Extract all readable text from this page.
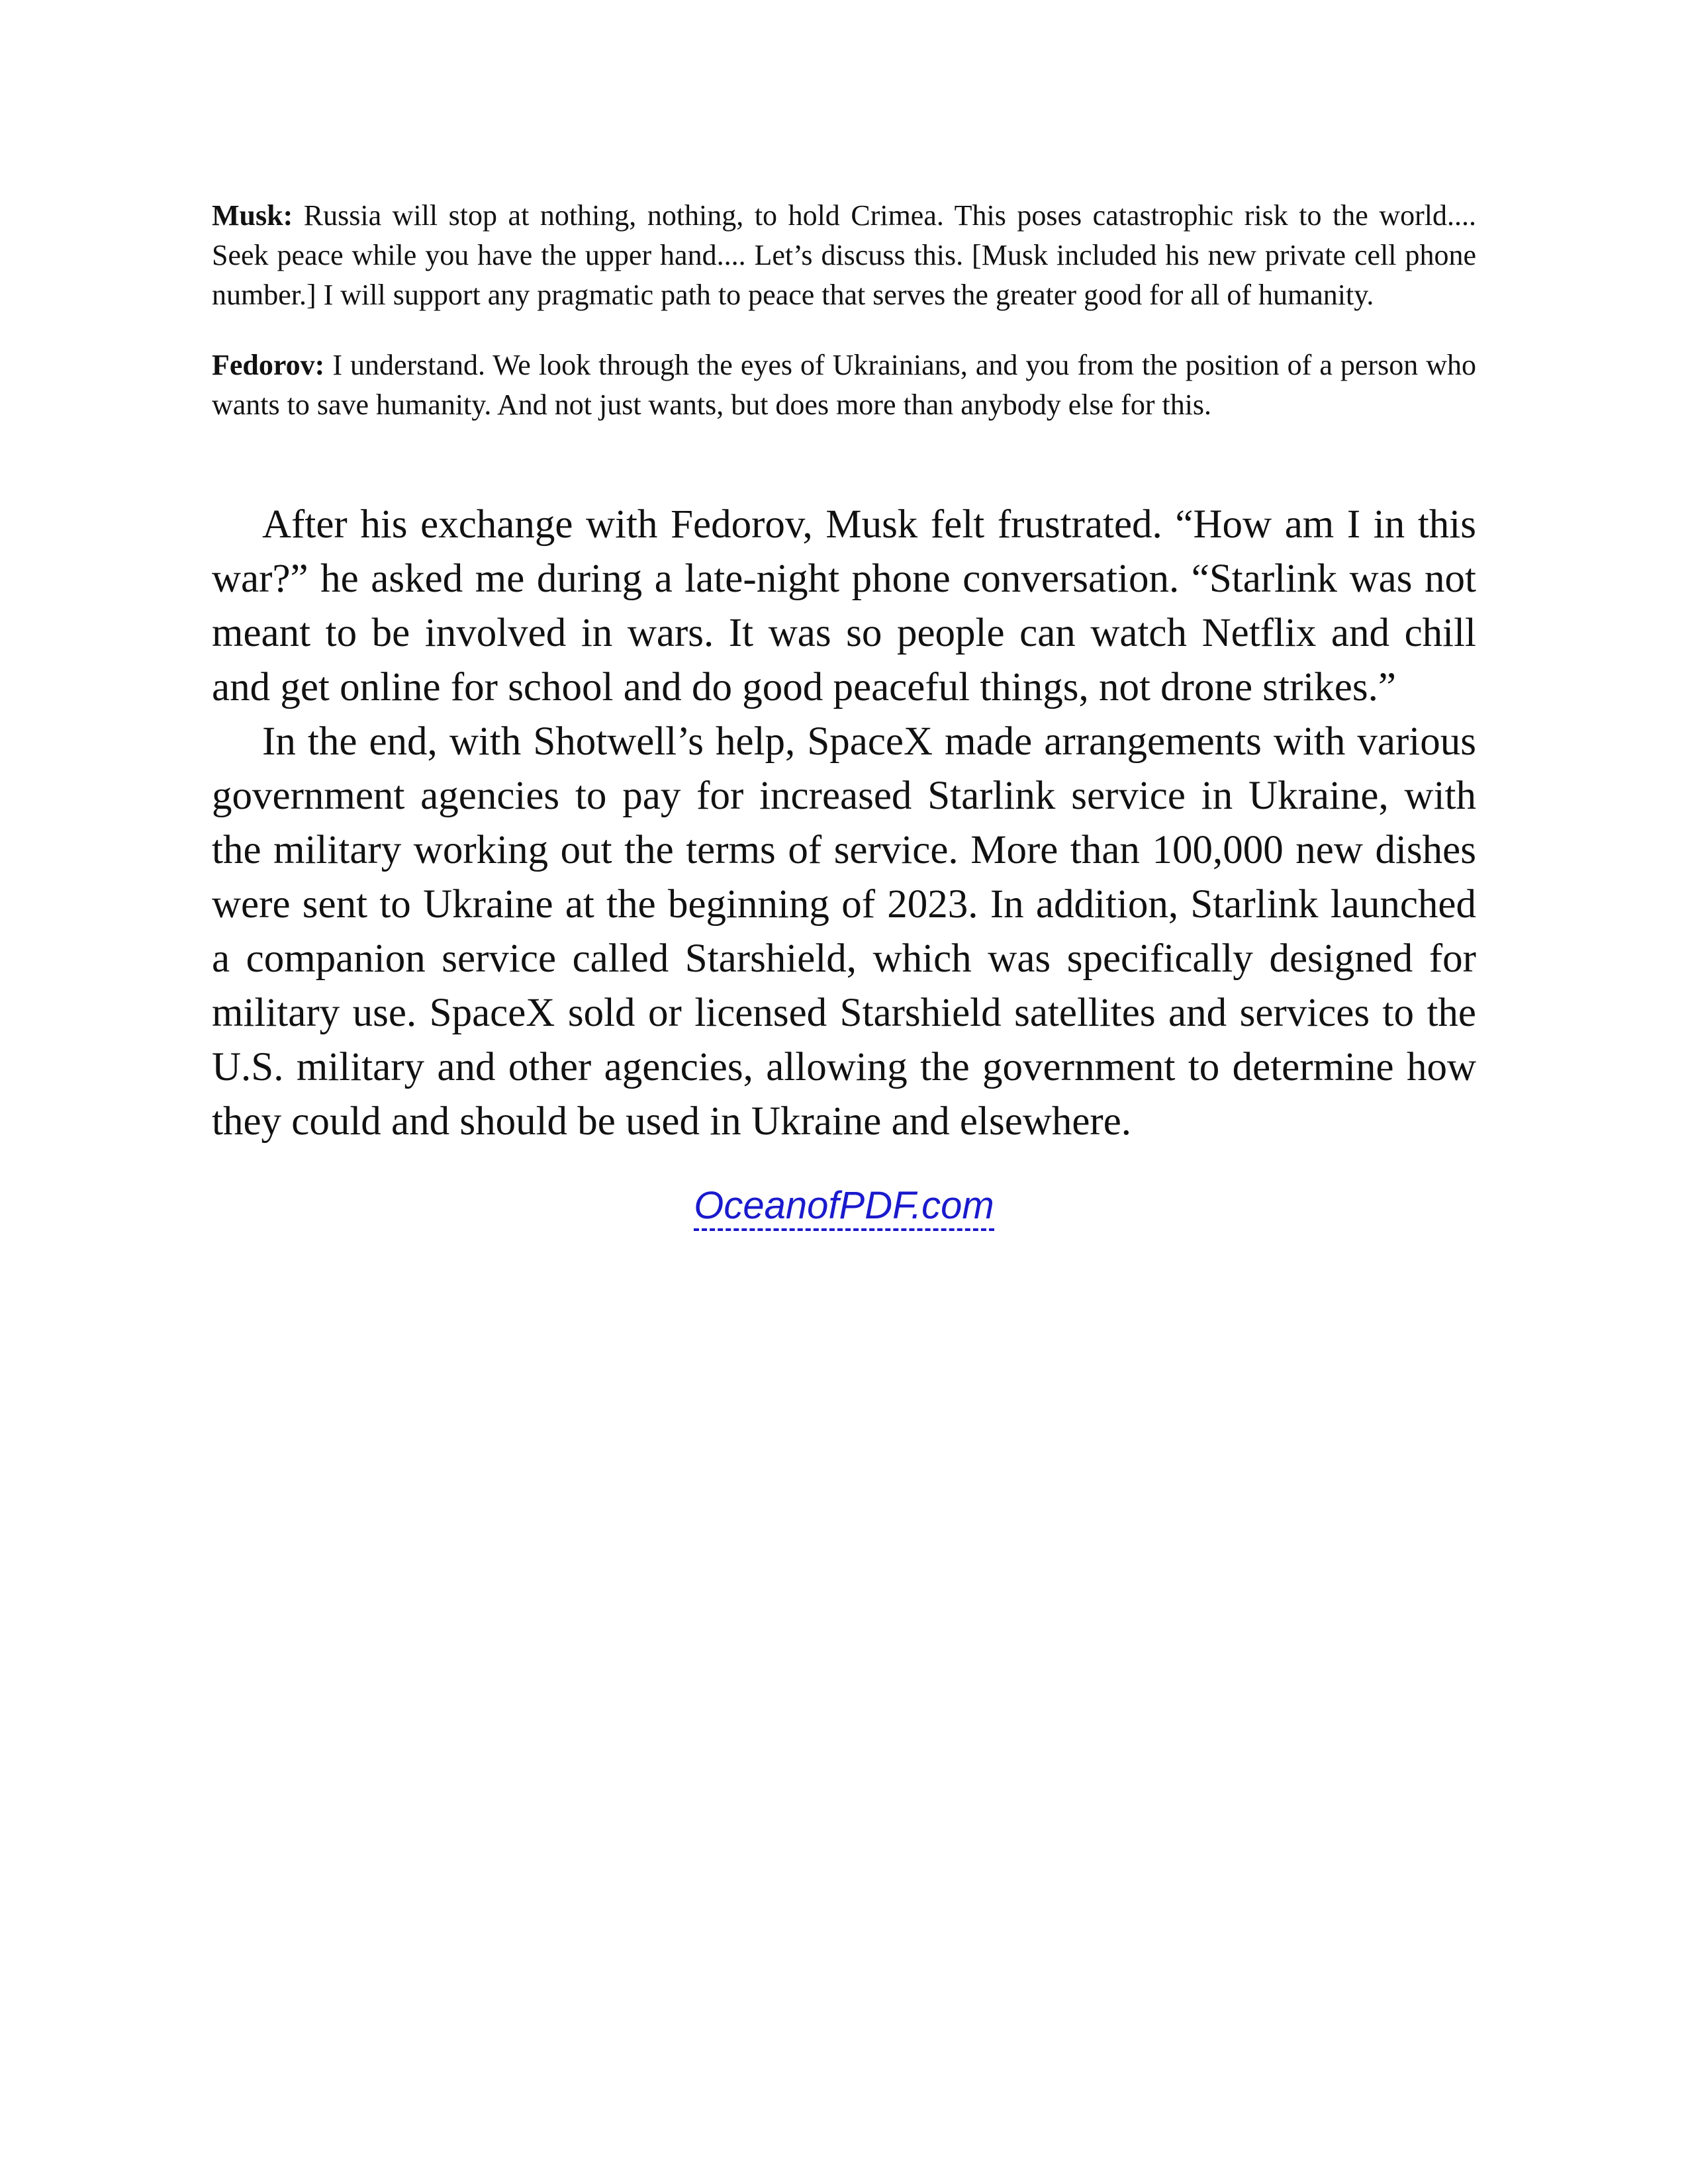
Musk: Russia will stop at nothing, nothing, to hold Crimea. This poses catastrophic risk to the world.... Seek peace while you have the upper hand.... Let’s discuss this. [Musk included his new private cell phone number.] I will support any pragmatic path to peace that serves the greater good for all of humanity.

Fedorov: I understand. We look through the eyes of Ukrainians, and you from the position of a person who wants to save humanity. And not just wants, but does more than anybody else for this.

After his exchange with Fedorov, Musk felt frustrated. “How am I in this war?” he asked me during a late-night phone conversation. “Starlink was not meant to be involved in wars. It was so people can watch Netflix and chill and get online for school and do good peaceful things, not drone strikes.”

In the end, with Shotwell’s help, SpaceX made arrangements with various government agencies to pay for increased Starlink service in Ukraine, with the military working out the terms of service. More than 100,000 new dishes were sent to Ukraine at the beginning of 2023. In addition, Starlink launched a companion service called Starshield, which was specifically designed for military use. SpaceX sold or licensed Starshield satellites and services to the U.S. military and other agencies, allowing the government to determine how they could and should be used in Ukraine and elsewhere.

OceanofPDF.com
